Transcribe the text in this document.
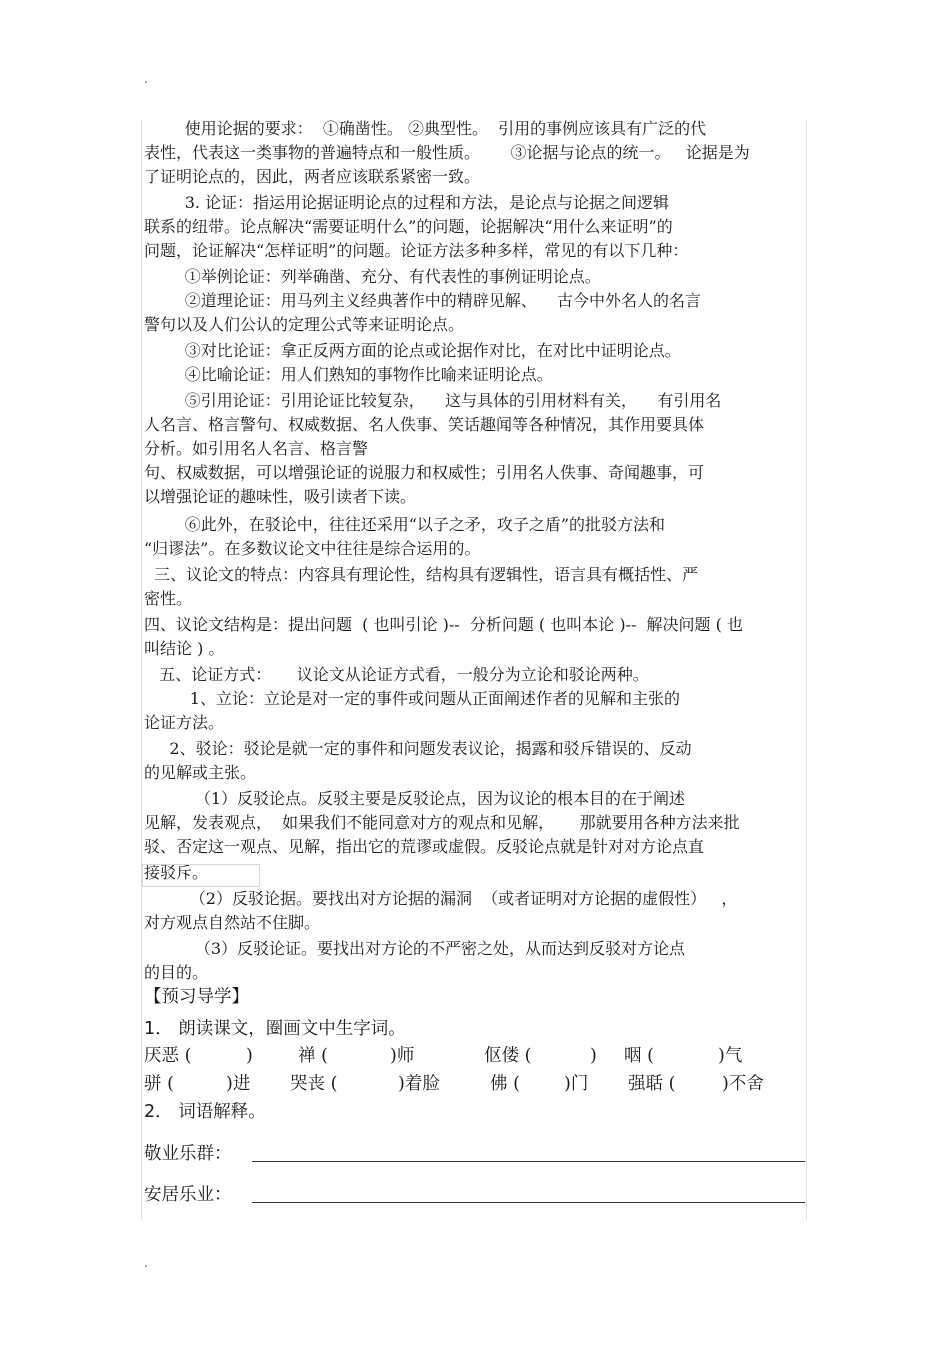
.
使用论据的要求：  ①确凿性。 ②典型性。  引用的事例应该具有广泛的代
表性，代表这一类事物的普遍特点和一般性质。      ③论据与论点的统一。   论据是为
了证明论点的，因此，两者应该联系紧密一致。
3. 论证：指运用论据证明论点的过程和方法，是论点与论据之间逻辑
联系的纽带。论点解决“需要证明什么”的问题，论据解决“用什么来证明”的
问题，论证解决“怎样证明”的问题。论证方法多种多样，常见的有以下几种：
①举例论证：列举确凿、充分、有代表性的事例证明论点。
②道理论证：用马列主义经典著作中的精辟见解、    古今中外名人的名言
警句以及人们公认的定理公式等来证明论点。
③对比论证：拿正反两方面的论点或论据作对比，在对比中证明论点。
④比喻论证：用人们熟知的事物作比喻来证明论点。
⑤引用论证：引用论证比较复杂，    这与具体的引用材料有关，    有引用名
人名言、格言警句、权威数据、名人佚事、笑话趣闻等各种情况，其作用要具体
分析。如引用名人名言、格言警
句、权威数据，可以增强论证的说服力和权威性；引用名人佚事、奇闻趣事，可
以增强论证的趣味性，吸引读者下读。
⑥此外，在驳论中，往往还采用“以子之矛，攻子之盾”的批驳方法和
“归谬法”。在多数议论文中往往是综合运用的。
三、议论文的特点：内容具有理论性，结构具有逻辑性，语言具有概括性、严
密性。
四、议论文结构是：提出问题  ( 也叫引论 )--  分析问题 ( 也叫本论 )--  解决问题 ( 也
叫结论 ) 。
五、论证方式：     议论文从论证方式看，一般分为立论和驳论两种。
1、立论：立论是对一定的事件或问题从正面阐述作者的见解和主张的
论证方法。
2、驳论：驳论是就一定的事件和问题发表议论，揭露和驳斥错误的、反动
的见解或主张。
（1）反驳论点。反驳主要是反驳论点，因为议论的根本目的在于阐述
见解，发表观点，  如果我们不能同意对方的观点和见解，     那就要用各种方法来批
驳、否定这一观点、见解，指出它的荒谬或虚假。反驳论点就是针对对方论点直
接驳斥。
（2）反驳论据。要找出对方论据的漏洞  （或者证明对方论据的虚假性）   ，
对方观点自然站不住脚。
（3）反驳论证。要找出对方论的不严密之处，从而达到反驳对方论点
的目的。
【预习导学】
1． 朗读课文，圈画文中生字词。
厌恶 (	)	禅 (	)师	伛偻 (	) 咽 (	)气
骈 (	)进 哭丧 (	)着脸	佛 (	)门 强聒 (	)不舍
2． 词语解释。
敬业乐群：
安居乐业：
.
